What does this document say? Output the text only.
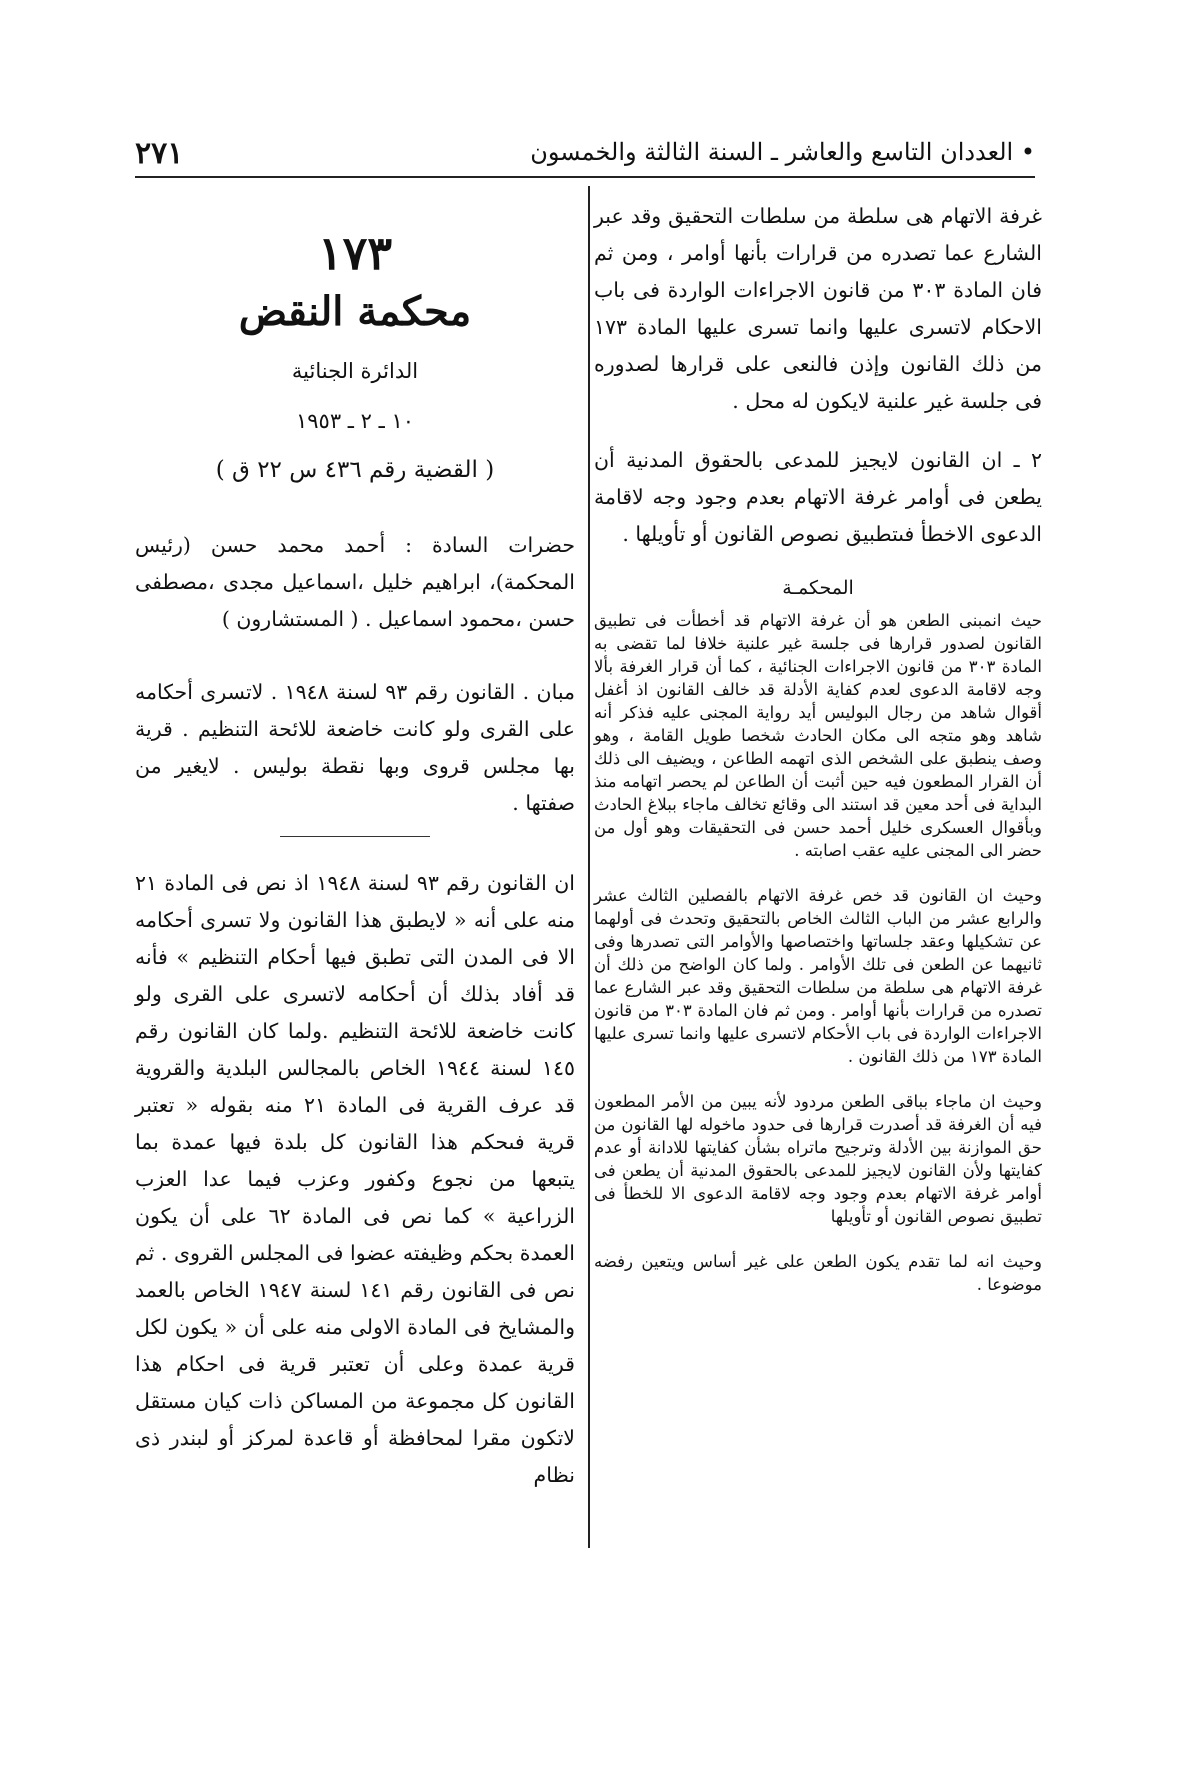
٢٧١	• العددان التاسع والعاشر ـ السنة الثالثة والخمسون

غرفة الاتهام هى سلطة من سلطات التحقيق وقد عبر الشارع عما تصدره من قرارات بأنها أوامر ، ومن ثم فان المادة ٣٠٣ من قانون الاجراءات الواردة فى باب الاحكام لاتسرى عليها وانما تسرى عليها المادة ١٧٣ من ذلك القانون وإذن فالنعى على قرارها لصدوره فى جلسة غير علنية لايكون له محل .

٢ ـ ان القانون لايجيز للمدعى بالحقوق المدنية أن يطعن فى أوامر غرفة الاتهام بعدم وجود وجه لاقامة الدعوى الاخطأ فىتطبيق نصوص القانون أو تأويلها .

المحكمـة

حيث انمبنى الطعن هو أن غرفة الاتهام قد أخطأت فى تطبيق القانون لصدور قرارها فى جلسة غير علنية خلافا لما تقضى به المادة ٣٠٣ من قانون الاجراءات الجنائية ، كما أن قرار الغرفة بألا وجه لاقامة الدعوى لعدم كفاية الأدلة قد خالف القانون اذ أغفل أقوال شاهد من رجال البوليس أيد رواية المجنى عليه فذكر أنه شاهد وهو متجه الى مكان الحادث شخصا طويل القامة ، وهو وصف ينطبق على الشخص الذى اتهمه الطاعن ، ويضيف الى ذلك أن القرار المطعون فيه حين أثبت أن الطاعن لم يحصر اتهامه منذ البداية فى أحد معين قد استند الى وقائع تخالف ماجاء ببلاغ الحادث وبأقوال العسكرى خليل أحمد حسن فى التحقيقات وهو أول من حضر الى المجنى عليه عقب اصابته .

وحيث ان القانون قد خص غرفة الاتهام بالفصلين الثالث عشر والرابع عشر من الباب الثالث الخاص بالتحقيق وتحدث فى أولهما عن تشكيلها وعقد جلساتها واختصاصها والأوامر التى تصدرها وفى ثانيهما عن الطعن فى تلك الأوامر . ولما كان الواضح من ذلك أن غرفة الاتهام هى سلطة من سلطات التحقيق وقد عبر الشارع عما تصدره من قرارات بأنها أوامر . ومن ثم فان المادة ٣٠٣ من قانون الاجراءات الواردة فى باب الأحكام لاتسرى عليها وانما تسرى عليها المادة ١٧٣ من ذلك القانون .

وحيث ان ماجاء بباقى الطعن مردود لأنه يبين من الأمر المطعون فيه أن الغرفة قد أصدرت قرارها فى حدود ماخوله لها القانون من حق الموازنة بين الأدلة وترجيح ماتراه بشأن كفايتها للادانة أو عدم كفايتها ولأن القانون لايجيز للمدعى بالحقوق المدنية أن يطعن فى أوامر غرفة الاتهام بعدم وجود وجه لاقامة الدعوى الا للخطأ فى تطبيق نصوص القانون أو تأويلها

وحيث انه لما تقدم يكون الطعن على غير أساس ويتعين رفضه موضوعا .

١٧٣

محكمة النقض

الدائرة الجنائية

١٠ ـ ٢ ـ ١٩٥٣

( القضية رقم ٤٣٦ س ٢٢ ق )

حضرات السادة : أحمد محمد حسن (رئيس المحكمة)، ابراهيم خليل ،اسماعيل مجدى ،مصطفى حسن ،محمود اسماعيل . ( المستشارون )

مبان . القانون رقم ٩٣ لسنة ١٩٤٨ . لاتسرى أحكامه على القرى ولو كانت خاضعة للائحة التنظيم . قرية بها مجلس قروى وبها نقطة بوليس . لايغير من صفتها .

ان القانون رقم ٩٣ لسنة ١٩٤٨ اذ نص فى المادة ٢١ منه على أنه « لايطبق هذا القانون ولا تسرى أحكامه الا فى المدن التى تطبق فيها أحكام التنظيم » فأنه قد أفاد بذلك أن أحكامه لاتسرى على القرى ولو كانت خاضعة للائحة التنظيم .ولما كان القانون رقم ١٤٥ لسنة ١٩٤٤ الخاص بالمجالس البلدية والقروية قد عرف القرية فى المادة ٢١ منه بقوله « تعتبر قرية فىحكم هذا القانون كل بلدة فيها عمدة بما يتبعها من نجوع وكفور وعزب فيما عدا العزب الزراعية » كما نص فى المادة ٦٢ على أن يكون العمدة بحكم وظيفته عضوا فى المجلس القروى . ثم نص فى القانون رقم ١٤١ لسنة ١٩٤٧ الخاص بالعمد والمشايخ فى المادة الاولى منه على أن « يكون لكل قرية عمدة وعلى أن تعتبر قرية فى احكام هذا القانون كل مجموعة من المساكن ذات كيان مستقل لاتكون مقرا لمحافظة أو قاعدة لمركز أو لبندر ذى نظام
